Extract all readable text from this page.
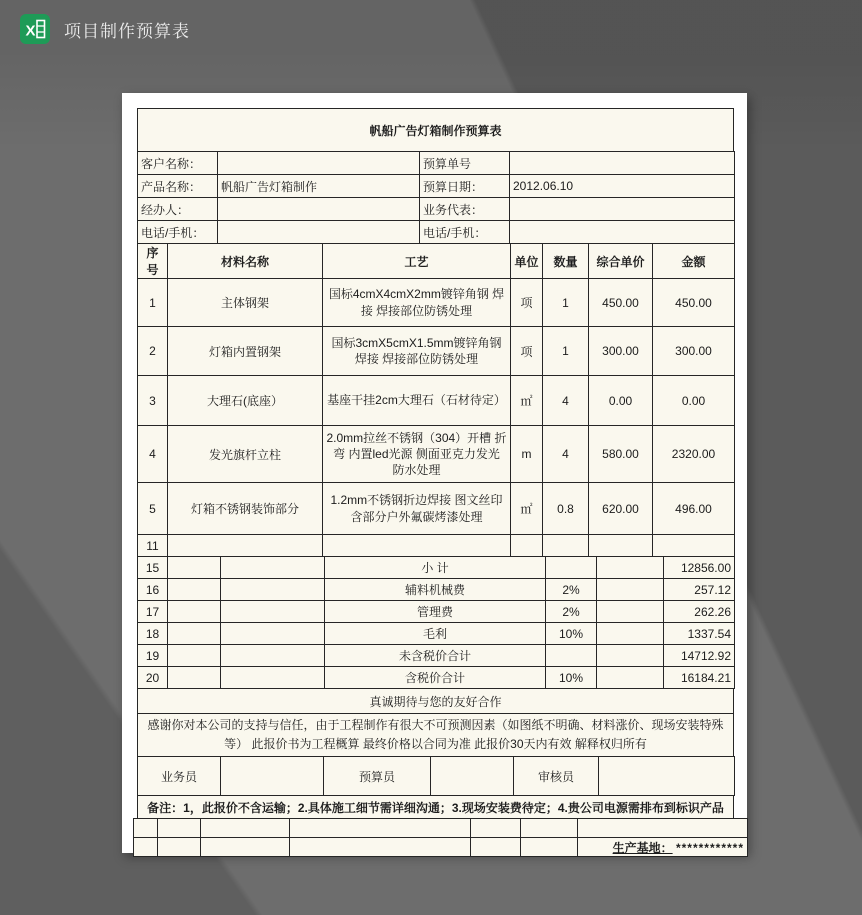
X 项目制作预算表
帆船广告灯箱制作预算表
客户名称：		预算单号	
产品名称：	帆船广告灯箱制作	预算日期：	2012.06.10
经办人：		业务代表：	
电话/手机：		电话/手机：	
序号	材料名称	工艺	单位	数量	综合单价	金额
1	主体钢架	国标4cmX4cmX2mm镀锌角钢 焊接 焊接部位防锈处理	项	1	450.00	450.00
2	灯箱内置钢架	国标3cmX5cmX1.5mm镀锌角钢 焊接 焊接部位防锈处理	项	1	300.00	300.00
3	大理石(底座）	基座干挂2cm大理石（石材待定）	㎡	4	0.00	0.00
4	发光旗杆立柱	2.0mm拉丝不锈钢（304）开槽 折弯 内置led光源 侧面亚克力发光 防水处理	m	4	580.00	2320.00
5	灯箱不锈钢装饰部分	1.2mm不锈钢折边焊接 图文丝印 含部分户外氟碳烤漆处理	㎡	0.8	620.00	496.00
11						
15			小 计			12856.00
16			辅料机械费	2%		257.12
17			管理费	2%		262.26
18			毛利	10%		1337.54
19			未含税价合计			14712.92
20			含税价合计	10%		16184.21
真诚期待与您的友好合作
感谢你对本公司的支持与信任，由于工程制作有很大不可预测因素（如图纸不明确、材料涨价、现场安装特殊等） 此报价书为工程概算 最终价格以合同为准 此报价30天内有效 解释权归所有
业务员		预算员		审核员	
备注：1，此报价不含运输；2.具体施工细节需详细沟通；3.现场安装费待定；4.贵公司电源需排布到标识产品

						生产基地： ************
